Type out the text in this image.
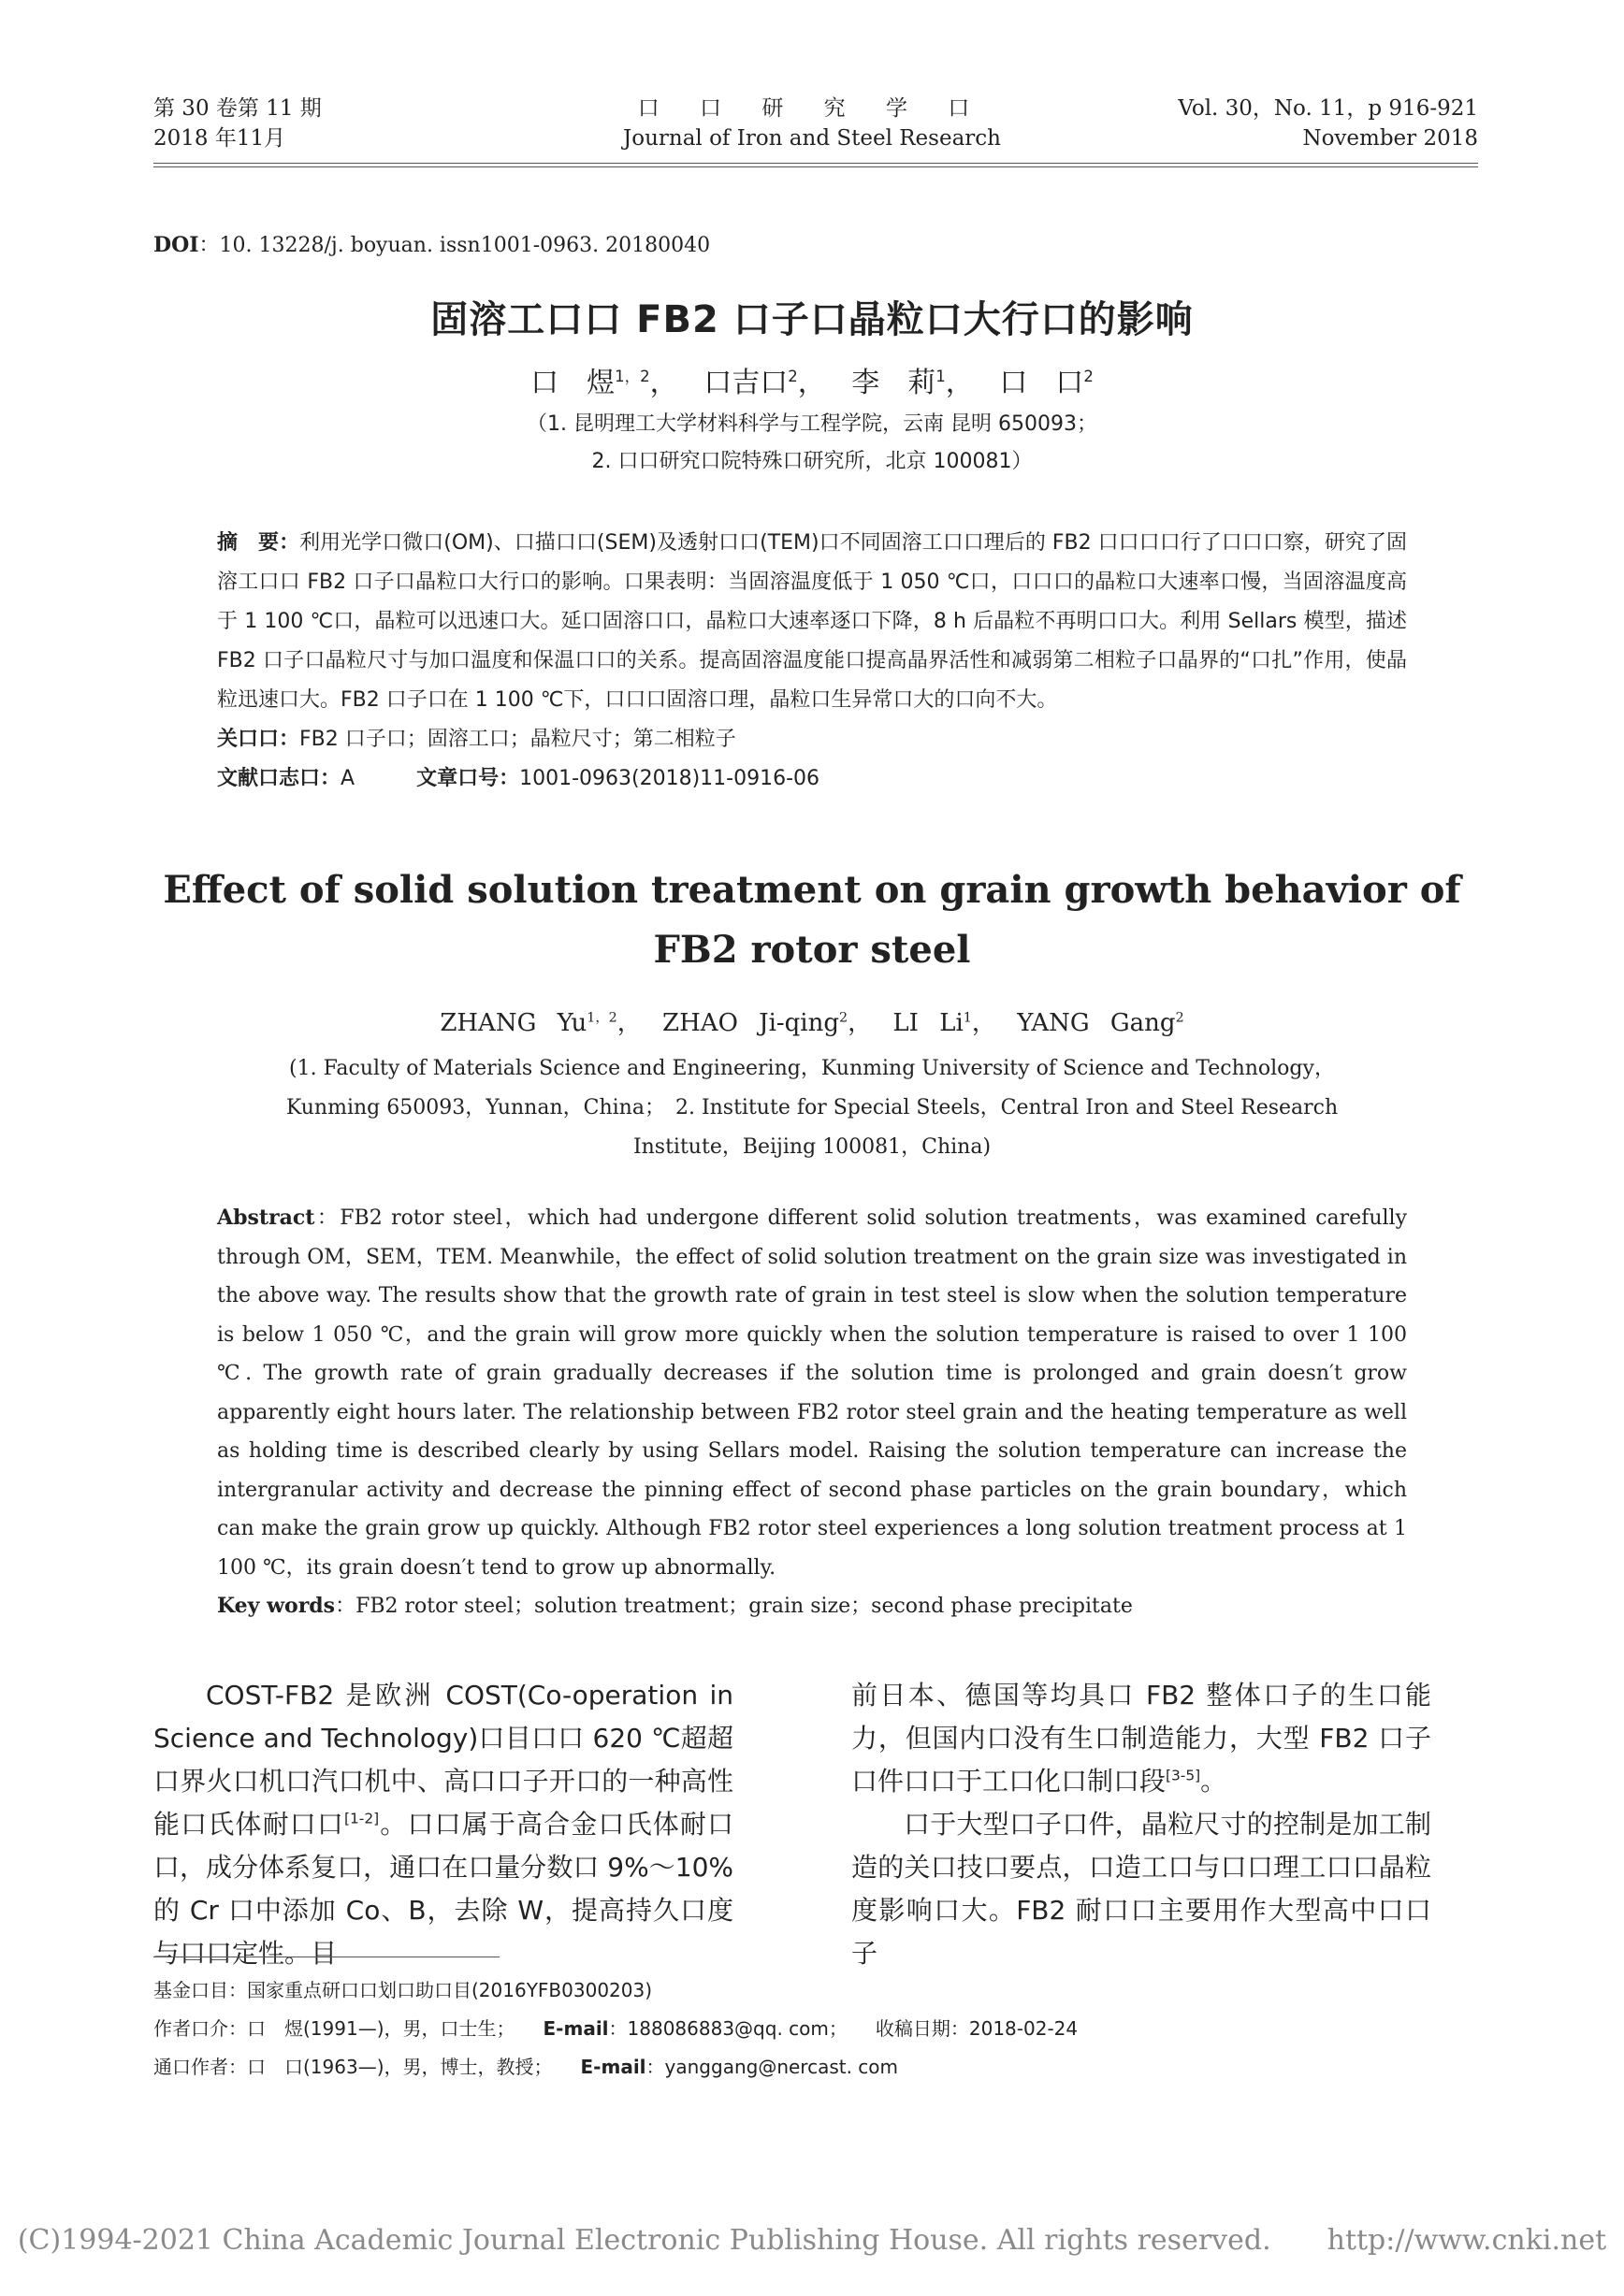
第 30 卷第 11 期
2018 年11月
口 口 研 究 学 口
Journal of Iron and Steel Research
Vol. 30，No. 11，p 916-921
November 2018
DOI：10. 13228/j. boyuan. issn1001-0963. 20180040
固溶工口口 FB2 口子口晶粒口大行口的影响
口　煜$^{1,2}$， 口吉口$^2$， 李　莉$^1$， 口　口$^2$
（1. 昆明理工大学材料科学与工程学院，云南 昆明 650093；
2. 口口研究口院特殊口研究所，北京 100081）

摘　要：利用光学口微口(OM)、口描口口(SEM)及透射口口(TEM)口不同固溶工口口理后的 FB2 口口口口行了口口口察，研究了固溶工口口 FB2 口子口晶粒口大行口的影响。口果表明：当固溶温度低于 1 050 ℃口，口口口的晶粒口大速率口慢，当固溶温度高于 1 100 ℃口，晶粒可以迅速口大。延口固溶口口，晶粒口大速率逐口下降，8 h 后晶粒不再明口口大。利用 Sellars 模型，描述 FB2 口子口晶粒尺寸与加口温度和保温口口的关系。提高固溶温度能口提高晶界活性和减弱第二相粒子口晶界的“口扎”作用，使晶粒迅速口大。FB2 口子口在 1 100 ℃下，口口口固溶口理，晶粒口生异常口大的口向不大。

关口口：FB2 口子口；固溶工口；晶粒尺寸；第二相粒子

文献口志口：A　　　	文章口号：1001-0963(2018)11-0916-06

Effect of solid solution treatment on grain growth behavior of
FB2 rotor steel
ZHANG $Yu^{1,2}$， ZHAO Ji-qing$^2$， LI Li$^1$， YANG Gang$^2$
(1. Faculty of Materials Science and Engineering，Kunming University of Science and Technology，
Kunming 650093，Yunnan，China；　2. Institute for Special Steels，Central Iron and Steel Research
Institute，Beijing 100081，China)

Abstract：FB2 rotor steel，which had undergone different solid solution treatments，was examined carefully through OM，SEM，TEM. Meanwhile，the effect of solid solution treatment on the grain size was investigated in the above way. The results show that the growth rate of grain in test steel is slow when the solution temperature is below 1 050 ℃，and the grain will grow more quickly when the solution temperature is raised to over 1 100 ℃. The growth rate of grain gradually decreases if the solution time is prolonged and grain doesn′t grow apparently eight hours later. The relationship between FB2 rotor steel grain and the heating temperature as well as holding time is described clearly by using Sellars model. Raising the solution temperature can increase the intergranular activity and decrease the pinning effect of second phase particles on the grain boundary，which can make the grain grow up quickly. Although FB2 rotor steel experiences a long solution treatment process at 1 100 ℃，its grain doesn′t tend to grow up abnormally.

Key words：FB2 rotor steel；solution treatment；grain size；second phase precipitate

COST-FB2 是欧洲 COST(Co-operation in Science and Technology)口目口口 620 ℃超超口界火口机口汽口机中、高口口子开口的一种高性能口氏体耐口口[1-2]。口口属于高合金口氏体耐口口，成分体系复口，通口在口量分数口 9%～10%的 Cr 口中添加 Co、B，去除 W，提高持久口度与口口定性。目

前日本、德国等均具口 FB2 整体口子的生口能力，但国内口没有生口制造能力，大型 FB2 口子口件口口于工口化口制口段[3-5]。

口于大型口子口件，晶粒尺寸的控制是加工制造的关口技口要点，口造工口与口口理工口口晶粒度影响口大。FB2 耐口口主要用作大型高中口口子

基金口目：国家重点研口口划口助口目(2016YFB0300203)

作者口介：口　煜(1991—)，男，口士生；　　 E-mail：188086883@qq. com；　　 收稿日期：2018-02-24

通口作者：口　口(1963—)，男，博士，教授；　　 E-mail：yanggang@nercast. com

(C)1994-2021 China Academic Journal Electronic Publishing House. All rights reserved.　　http://www.cnki.net
